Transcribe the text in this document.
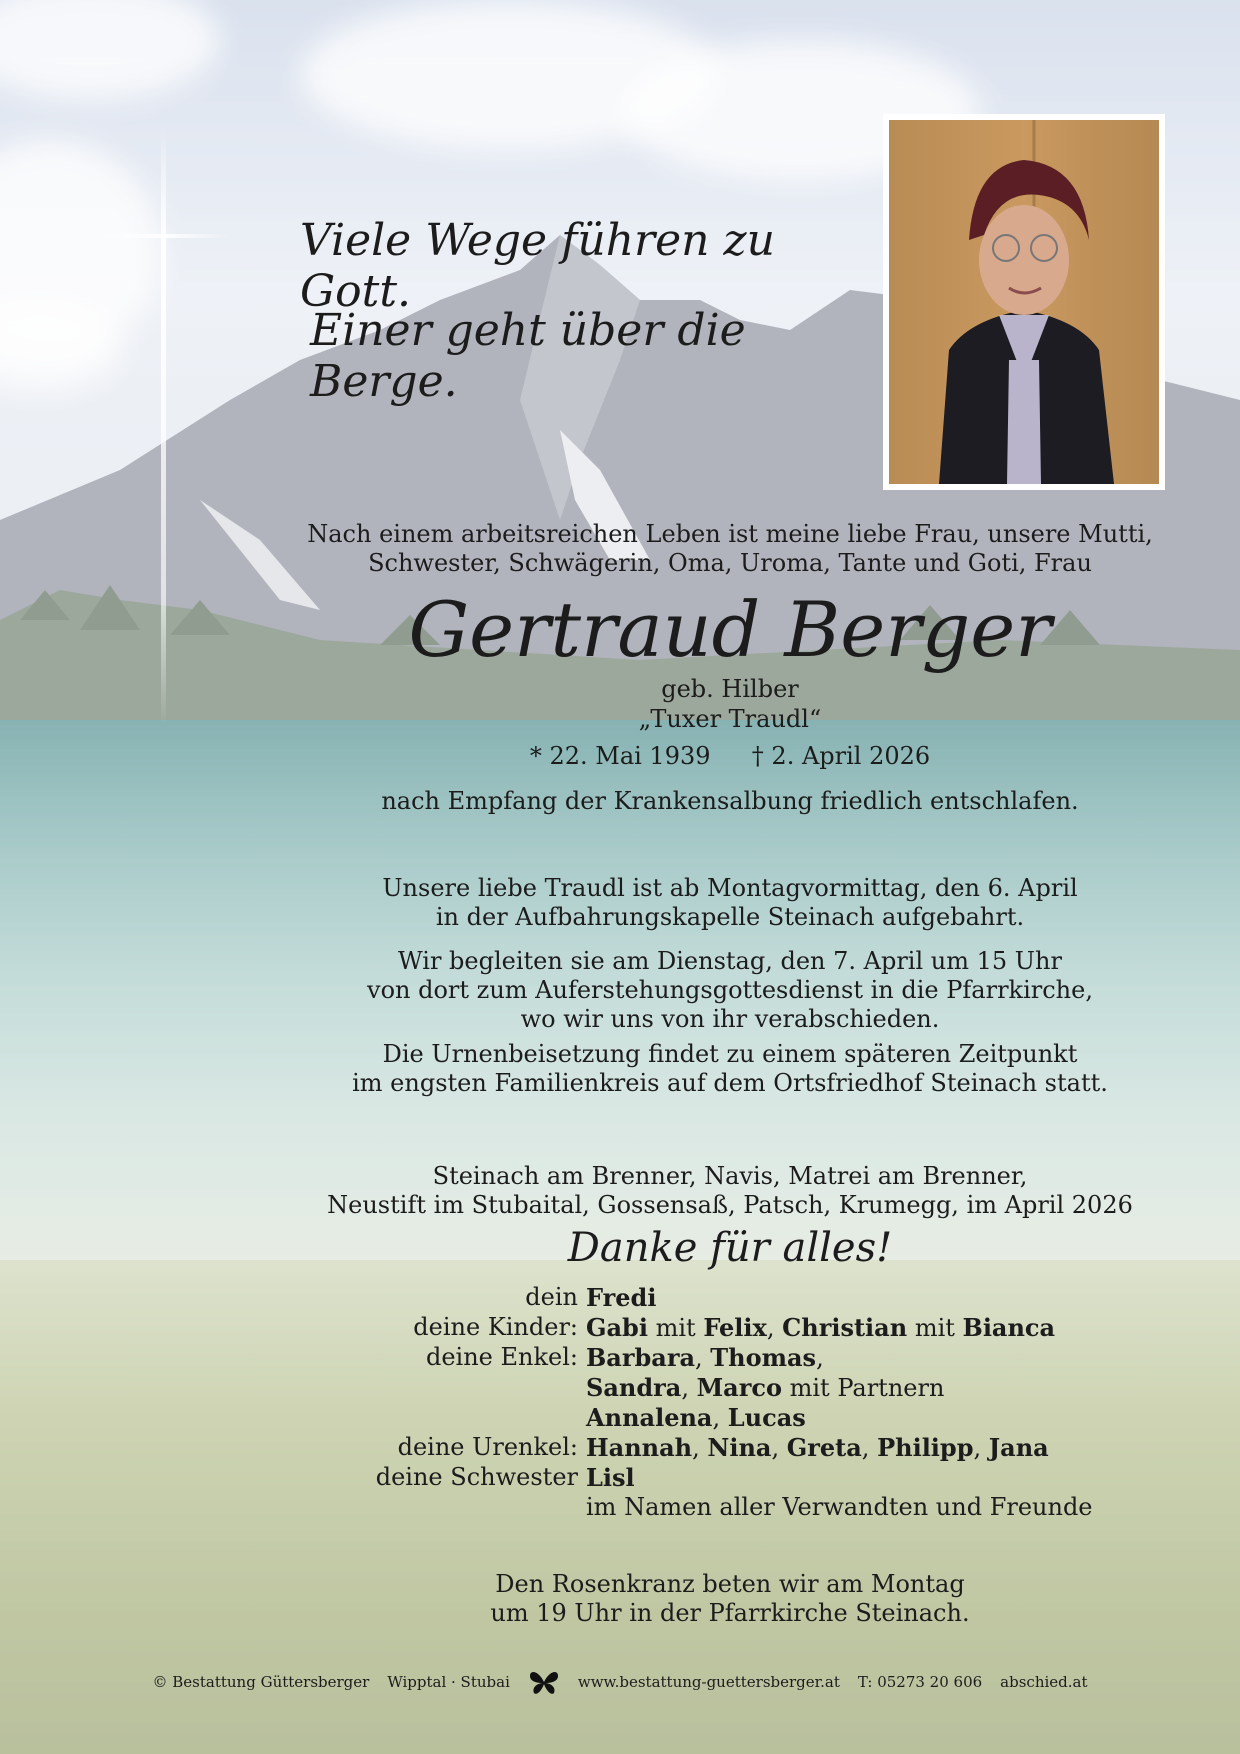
Viele Wege führen zu Gott.
Einer geht über die Berge.
Nach einem arbeitsreichen Leben ist meine liebe Frau, unsere Mutti,
Schwester, Schwägerin, Oma, Uroma, Tante und Goti, Frau
Gertraud Berger
geb. Hilber
„Tuxer Traudl“
* 22. Mai 1939 † 2. April 2026
nach Empfang der Krankensalbung friedlich entschlafen.
Unsere liebe Traudl ist ab Montagvormittag, den 6. April
in der Aufbahrungskapelle Steinach aufgebahrt.
Wir begleiten sie am Dienstag, den 7. April um 15 Uhr
von dort zum Auferstehungsgottesdienst in die Pfarrkirche,
wo wir uns von ihr verabschieden.
Die Urnenbeisetzung findet zu einem späteren Zeitpunkt
im engsten Familienkreis auf dem Ortsfriedhof Steinach statt.
Steinach am Brenner, Navis, Matrei am Brenner,
Neustift im Stubaital, Gossensaß, Patsch, Krumegg, im April 2026
Danke für alles!
dein Fredi
deine Kinder: Gabi mit Felix, Christian mit Bianca
deine Enkel: Barbara, Thomas,
Sandra, Marco mit Partnern
Annalena, Lucas
deine Urenkel: Hannah, Nina, Greta, Philipp, Jana
deine Schwester Lisl
im Namen aller Verwandten und Freunde
Den Rosenkranz beten wir am Montag
um 19 Uhr in der Pfarrkirche Steinach.
© Bestattung Güttersberger Wipptal · Stubai	www.bestattung-guettersberger.at T: 05273 20 606 abschied.at
